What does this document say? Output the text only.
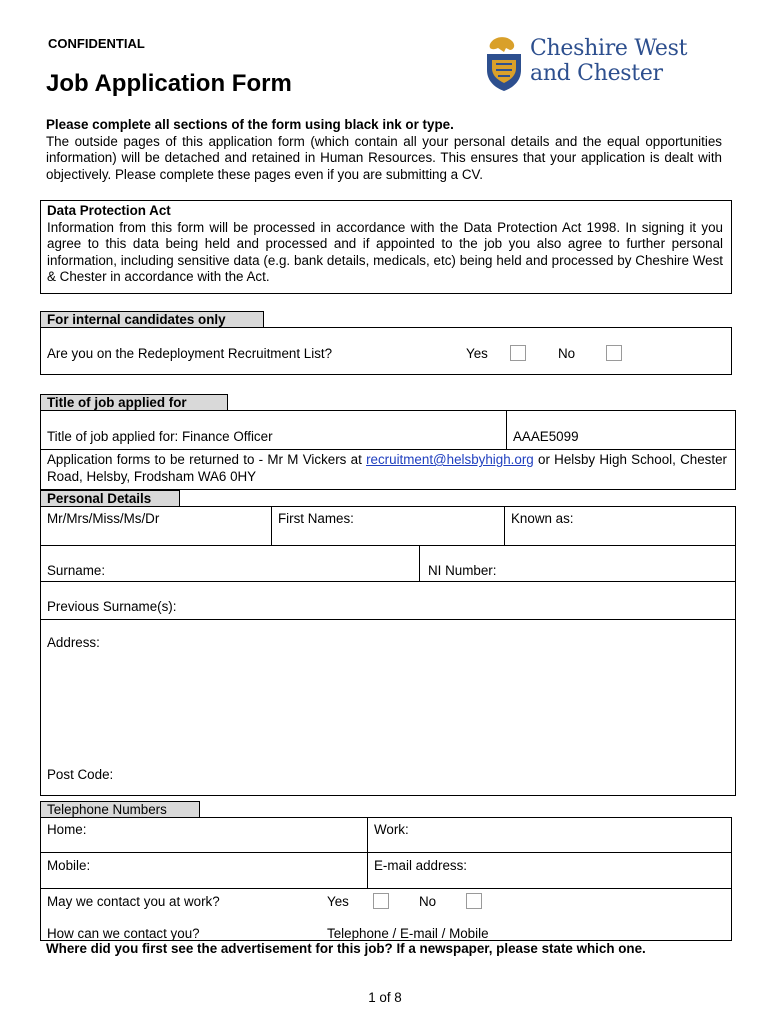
CONFIDENTIAL
Job Application Form
Cheshire West
and Chester
Please complete all sections of the form using black ink or type.
The outside pages of this application form (which contain all your personal details and the equal opportunities information) will be detached and retained in Human Resources. This ensures that your application is dealt with objectively. Please complete these pages even if you are submitting a CV.
Data Protection Act
Information from this form will be processed in accordance with the Data Protection Act 1998. In signing it you agree to this data being held and processed and if appointed to the job you also agree to further personal information, including sensitive data (e.g. bank details, medicals, etc) being held and processed by Cheshire West & Chester in accordance with the Act.
For internal candidates only
Are you on the Redeployment Recruitment List?	Yes	No
Title of job applied for
Title of job applied for: Finance Officer	AAAE5099
Application forms to be returned to - Mr M Vickers at recruitment@helsbyhigh.org or Helsby High School, Chester Road, Helsby, Frodsham WA6 0HY
Personal Details
Mr/Mrs/Miss/Ms/Dr	First Names:	Known as:
Surname:	NI Number:
Previous Surname(s):
Address:
Post Code:
Telephone Numbers
Home:	Work:
Mobile:	E-mail address:
May we contact you at work?	Yes	No
How can we contact you?	Telephone / E-mail / Mobile
Where did you first see the advertisement for this job? If a newspaper, please state which one.
1 of 8
